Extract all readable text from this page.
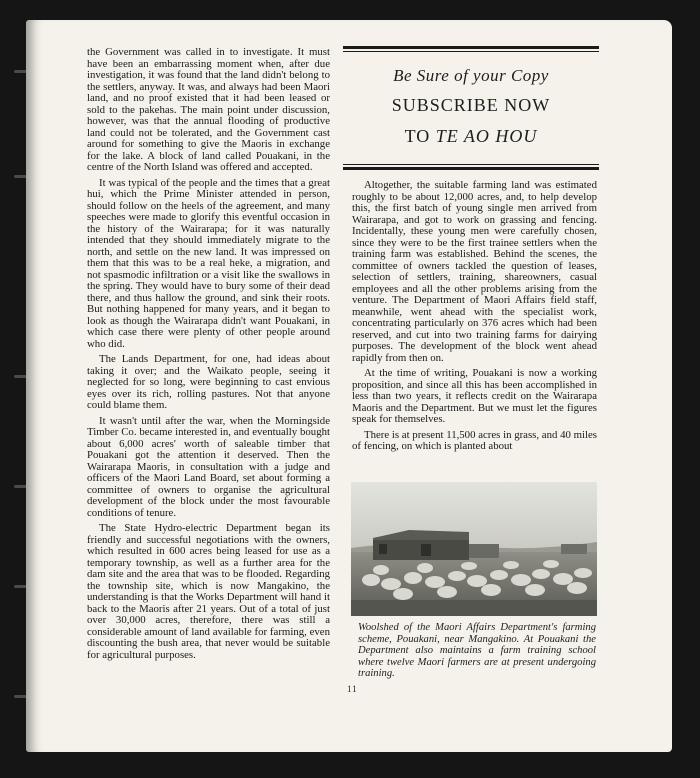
the Government was called in to investigate. It must have been an embarrassing moment when, after due investigation, it was found that the land didn't belong to the settlers, anyway. It was, and always had been Maori land, and no proof existed that it had been leased or sold to the pakehas. The main point under discussion, however, was that the annual flooding of productive land could not be tolerated, and the Government cast around for something to give the Maoris in exchange for the lake. A block of land called Pouakani, in the centre of the North Island was offered and accepted.

It was typical of the people and the times that a great hui, which the Prime Minister attended in person, should follow on the heels of the agreement, and many speeches were made to glorify this eventful occasion in the history of the Wairarapa; for it was naturally intended that they should immediately migrate to the north, and settle on the new land. It was impressed on them that this was to be a real heke, a migration, and not spasmodic infiltration or a visit like the swallows in the spring. They would have to bury some of their dead there, and thus hallow the ground, and sink their roots. But nothing happened for many years, and it began to look as though the Wairarapa didn't want Pouakani, in which case there were plenty of other people around who did.

The Lands Department, for one, had ideas about taking it over; and the Waikato people, seeing it neglected for so long, were beginning to cast envious eyes over its rich, rolling pastures. Not that anyone could blame them.

It wasn't until after the war, when the Morningside Timber Co. became interested in, and eventually bought about 6,000 acres' worth of saleable timber that Pouakani got the attention it deserved. Then the Wairarapa Maoris, in consultation with a judge and officers of the Maori Land Board, set about forming a committee of owners to organise the agricultural development of the block under the most favourable conditions of tenure.

The State Hydro-electric Department began its friendly and successful negotiations with the owners, which resulted in 600 acres being leased for use as a temporary township, as well as a further area for the dam site and the area that was to be flooded. Regarding the township site, which is now Mangakino, the understanding is that the Works Department will hand it back to the Maoris after 21 years. Out of a total of just over 30,000 acres, therefore, there was still a considerable amount of land available for farming, even discounting the bush area, that never would be suitable for agricultural purposes.

Be Sure of your Copy
SUBSCRIBE NOW
TO TE AO HOU

Altogether, the suitable farming land was estimated roughly to be about 12,000 acres, and, to help develop this, the first batch of young single men arrived from Wairarapa, and got to work on grassing and fencing. Incidentally, these young men were carefully chosen, since they were to be the first trainee settlers when the training farm was established. Behind the scenes, the committee of owners tackled the question of leases, selection of settlers, training, shareowners, casual employees and all the other problems arising from the venture. The Department of Maori Affairs field staff, meanwhile, went ahead with the specialist work, concentrating particularly on 376 acres which had been reserved, and cut into two training farms for dairying purposes. The development of the block went ahead rapidly from then on.

At the time of writing, Pouakani is now a working proposition, and since all this has been accomplished in less than two years, it reflects credit on the Wairarapa Maoris and the Department. But we must let the figures speak for themselves.

There is at present 11,500 acres in grass, and 40 miles of fencing, on which is planted about

Woolshed of the Maori Affairs Department's farming scheme, Pouakani, near Mangakino. At Pouakani the Department also maintains a farm training school where twelve Maori farmers are at present undergoing training.
11
